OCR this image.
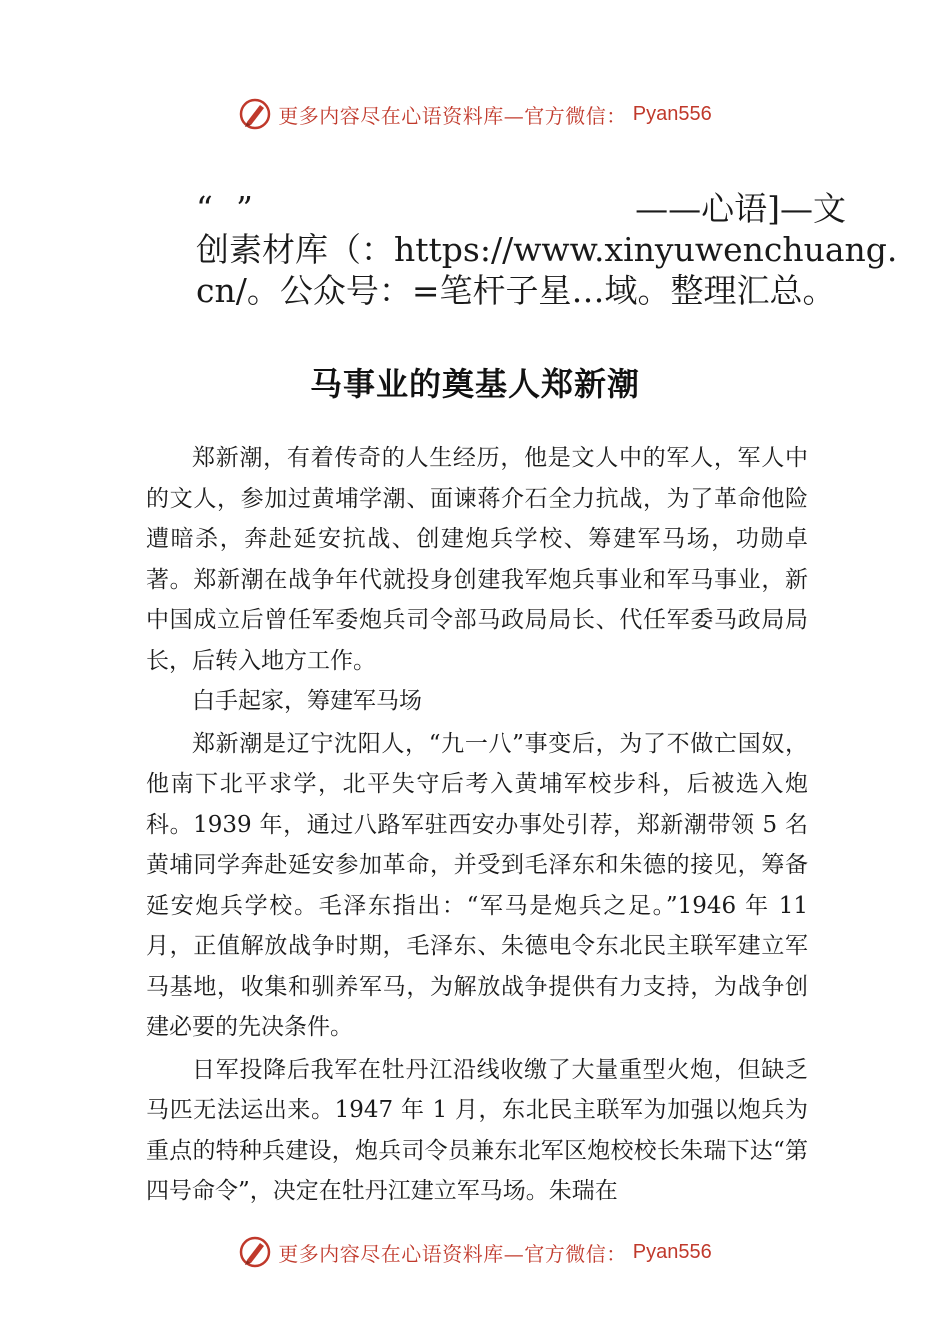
更多内容尽在心语资料库—官方微信： Pyan556
“ ”	——心语]—文
创素材库（：https://www.xinyuwenchuang.
cn/。公众号：=笔杆子星…域。整理汇总。
马事业的奠基人郑新潮

郑新潮，有着传奇的人生经历，他是文人中的军人，军人中的文人，参加过黄埔学潮、面谏蒋介石全力抗战，为了革命他险遭暗杀，奔赴延安抗战、创建炮兵学校、筹建军马场，功勋卓著。郑新潮在战争年代就投身创建我军炮兵事业和军马事业，新中国成立后曾任军委炮兵司令部马政局局长、代任军委马政局局长，后转入地方工作。

白手起家，筹建军马场

郑新潮是辽宁沈阳人，“九一八”事变后，为了不做亡国奴，他南下北平求学，北平失守后考入黄埔军校步科，后被选入炮科。1939 年，通过八路军驻西安办事处引荐，郑新潮带领 5 名黄埔同学奔赴延安参加革命，并受到毛泽东和朱德的接见，筹备延安炮兵学校。毛泽东指出：“军马是炮兵之足。”1946 年 11 月，正值解放战争时期，毛泽东、朱德电令东北民主联军建立军马基地，收集和驯养军马，为解放战争提供有力支持，为战争创建必要的先决条件。

日军投降后我军在牡丹江沿线收缴了大量重型火炮，但缺乏马匹无法运出来。1947 年 1 月，东北民主联军为加强以炮兵为重点的特种兵建设，炮兵司令员兼东北军区炮校校长朱瑞下达“第四号命令”，决定在牡丹江建立军马场。朱瑞在

更多内容尽在心语资料库—官方微信： Pyan556
